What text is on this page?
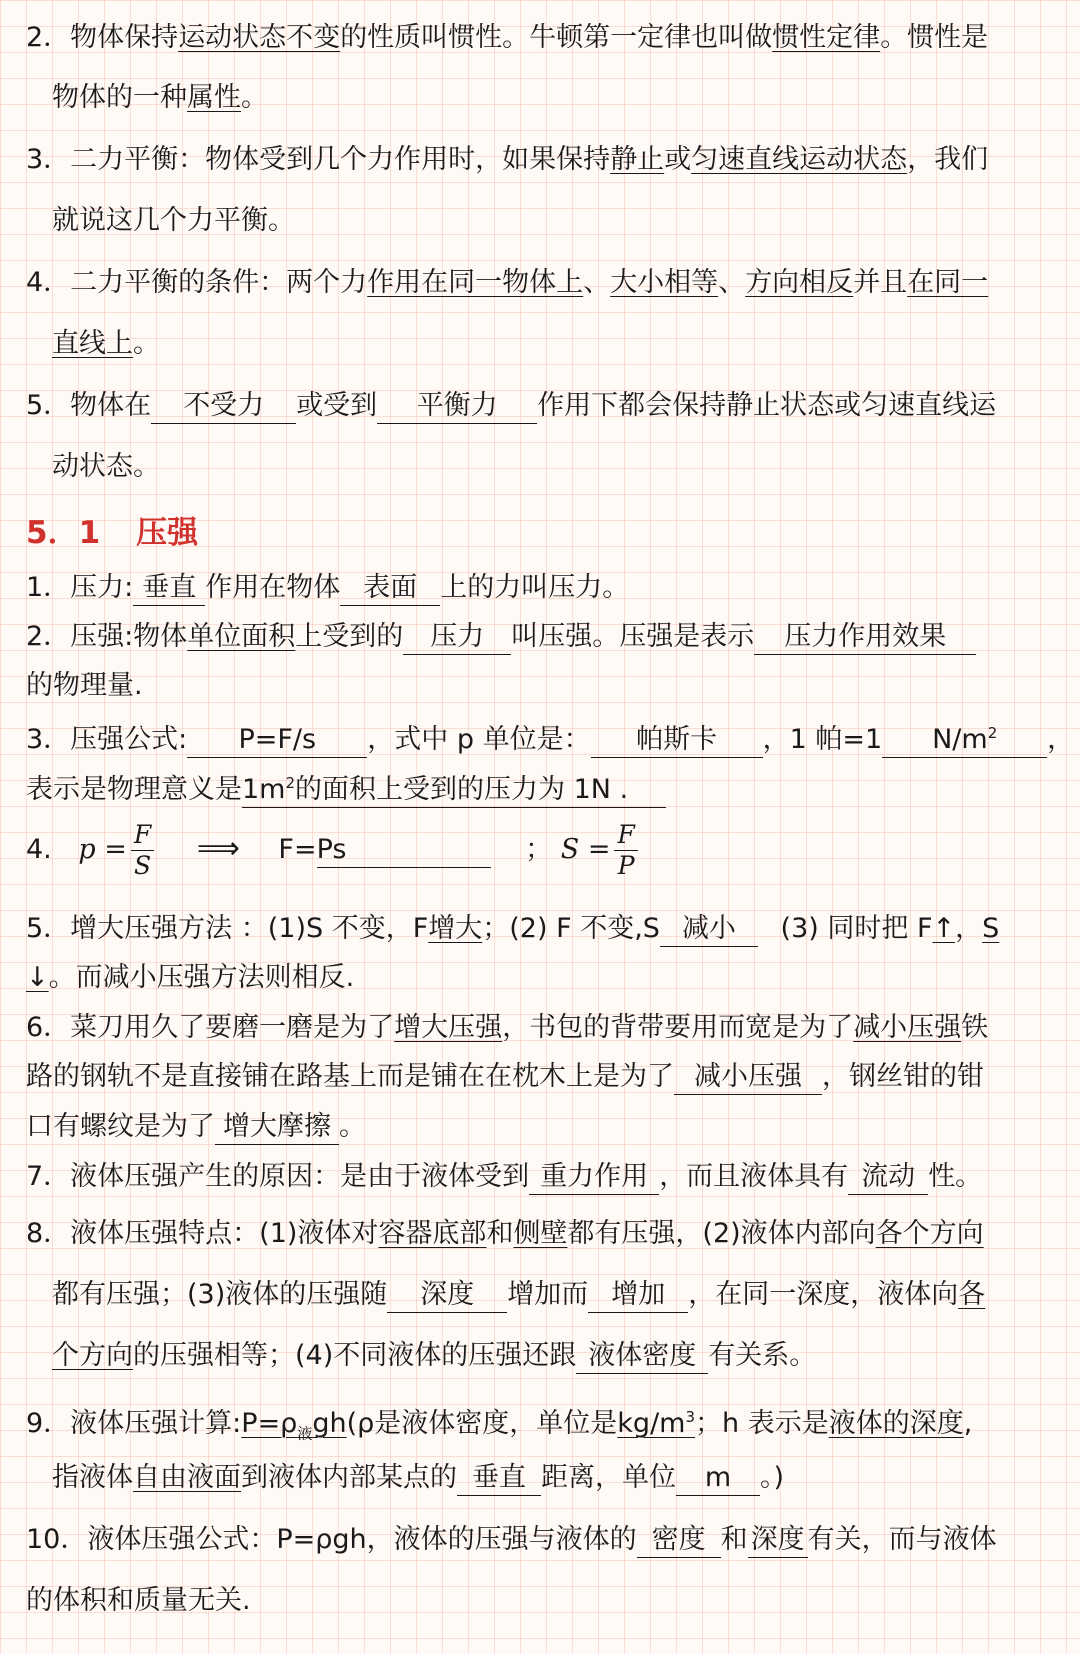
2．物体保持运动状态不变的性质叫惯性。牛顿第一定律也叫做惯性定律。惯性是
物体的一种属性。
3．二力平衡：物体受到几个力作用时，如果保持静止或匀速直线运动状态，我们
就说这几个力平衡。
4．二力平衡的条件：两个力作用在同一物体上、大小相等、方向相反并且在同一
直线上。
5．物体在 不受力 或受到 平衡力 作用下都会保持静止状态或匀速直线运
动状态。
5．1 压强
1．压力: 垂直 作用在物体 表面 上的力叫压力。
2．压强:物体单位面积上受到的 压力 叫压强。压强是表示 压力作用效果
的物理量.
3．压强公式: P=F/s ，式中 p 单位是： 帕斯卡 ，1 帕=1 $N/m^2$ ，
表示是物理意义是$1m^2$的面积上受到的压力为 1N .
4. $p = \frac{F}{S}$ ⟹ F=Ps	； $S = \frac{F}{P}$
5．增大压强方法 ：(1)S 不变，F增大；(2) F 不变,S 减小 (3) 同时把 F↑，S
↓。而减小压强方法则相反.
6．菜刀用久了要磨一磨是为了增大压强，书包的背带要用而宽是为了减小压强铁
路的钢轨不是直接铺在路基上而是铺在在枕木上是为了 减小压强 ，钢丝钳的钳
口有螺纹是为了 增大摩擦 。
7．液体压强产生的原因：是由于液体受到 重力作用 ，而且液体具有 流动 性。
8．液体压强特点：(1)液体对容器底部和侧壁都有压强，(2)液体内部向各个方向
都有压强；(3)液体的压强随 深度 增加而 增加 ，在同一深度，液体向各
个方向的压强相等；(4)不同液体的压强还跟 液体密度 有关系。
9．液体压强计算$:P=\rho_液gh(\rho$是液体密度，单位是$kg/m^3$；h 表示是液体的深度,
指液体自由液面到液体内部某点的 垂直 距离，单位 m 。)
10．液体压强公式：P=ρgh，液体的压强与液体的 密度 和 深度 有关，而与液体
的体积和质量无关.
